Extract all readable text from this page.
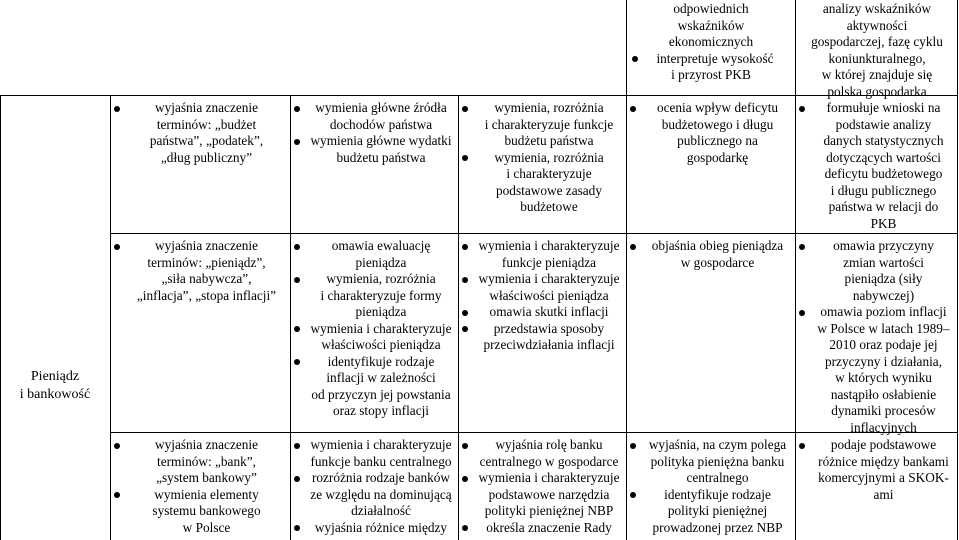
Pieniądz
i bankowość
odpowiednich
wskaźników
ekonomicznych
interpretuje wysokość
i przyrost PKB
analizy wskaźników
aktywności
gospodarczej, fazę cyklu
koniunkturalnego,
w której znajduje się
polska gospodarka
wyjaśnia znaczenie
terminów: „budżet
państwa”, „podatek”,
„dług publiczny”
wymienia główne źródła
dochodów państwa
wymienia główne wydatki
budżetu państwa
wymienia, rozróżnia
i charakteryzuje funkcje
budżetu państwa
wymienia, rozróżnia
i charakteryzuje
podstawowe zasady
budżetowe
ocenia wpływ deficytu
budżetowego i długu
publicznego na
gospodarkę
formułuje wnioski na
podstawie analizy
danych statystycznych
dotyczących wartości
deficytu budżetowego
i długu publicznego
państwa w relacji do
PKB
wyjaśnia znaczenie
terminów: „pieniądz”,
„siła nabywcza”,
„inflacja”, „stopa inflacji”
omawia ewaluację
pieniądza
wymienia, rozróżnia
i charakteryzuje formy
pieniądza
wymienia i charakteryzuje
właściwości pieniądza
identyfikuje rodzaje
inflacji w zależności
od przyczyn jej powstania
oraz stopy inflacji
wymienia i charakteryzuje
funkcje pieniądza
wymienia i charakteryzuje
właściwości pieniądza
omawia skutki inflacji
przedstawia sposoby
przeciwdziałania inflacji
objaśnia obieg pieniądza
w gospodarce
omawia przyczyny
zmian wartości
pieniądza (siły
nabywczej)
omawia poziom inflacji
w Polsce w latach 1989–
2010 oraz podaje jej
przyczyny i działania,
w których wyniku
nastąpiło osłabienie
dynamiki procesów
inflacyjnych
wyjaśnia znaczenie
terminów: „bank”,
„system bankowy”
wymienia elementy
systemu bankowego
w Polsce
wymienia i charakteryzuje
funkcje banku centralnego
rozróżnia rodzaje banków
ze względu na dominującą
działalność
wyjaśnia różnice między
wyjaśnia rolę banku
centralnego w gospodarce
wymienia i charakteryzuje
podstawowe narzędzia
polityki pieniężnej NBP
określa znaczenie Rady
wyjaśnia, na czym polega
polityka pieniężna banku
centralnego
identyfikuje rodzaje
polityki pieniężnej
prowadzonej przez NBP
podaje podstawowe
różnice między bankami
komercyjnymi a SKOK-
ami
